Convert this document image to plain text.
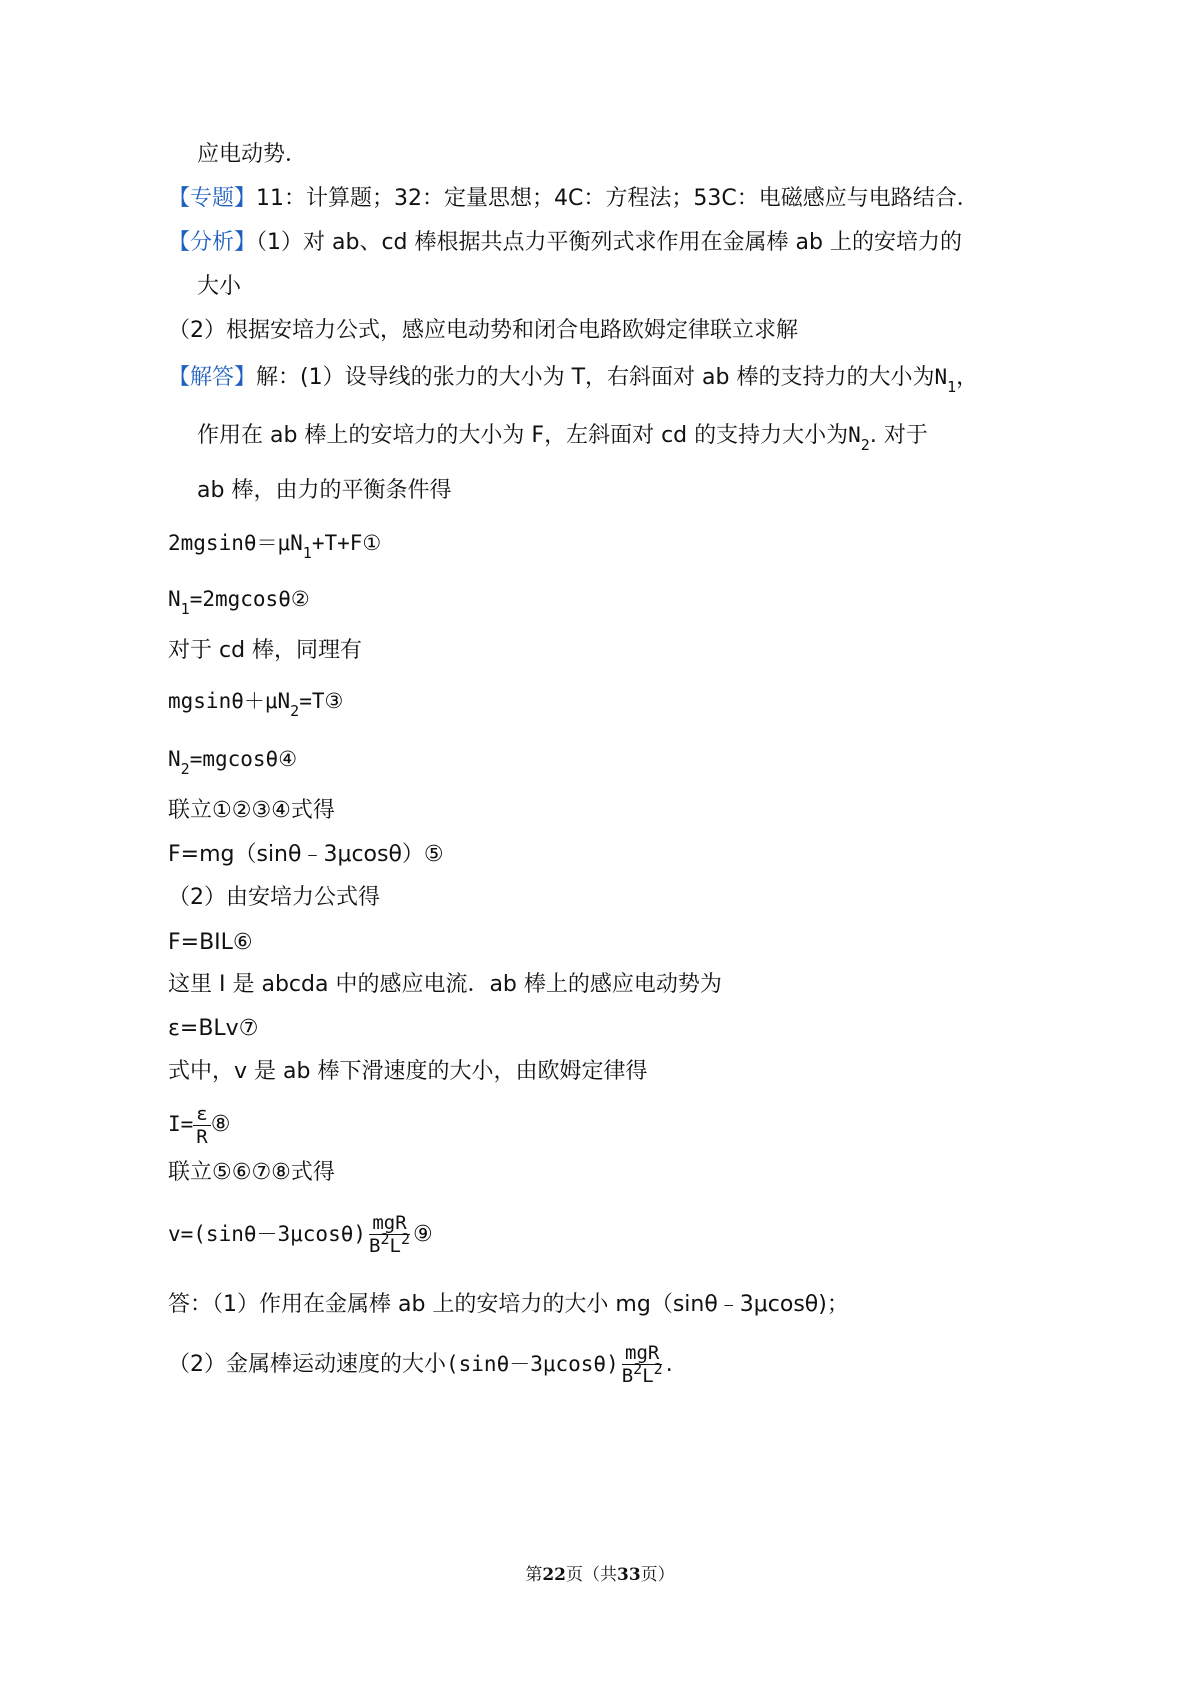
应电动势．
【专题】11：计算题；32：定量思想；4C：方程法；53C：电磁感应与电路结合．
【分析】（1）对 ab、cd 棒根据共点力平衡列式求作用在金属棒 ab 上的安培力的
大小
（2）根据安培力公式，感应电动势和闭合电路欧姆定律联立求解
【解答】解：(1）设导线的张力的大小为 T，右斜面对 ab 棒的支持力的大小为$N_1$，
作用在 ab 棒上的安培力的大小为 F，左斜面对 cd 的支持力大小为$N_2$. 对于
ab 棒，由力的平衡条件得
$2mgsin\theta=\mu N_1+T+F①$
$N_1=2mgcos\theta ②$
对于 cd 棒，同理有
$mgsin\theta+\mu N_2=T③$
$N_2=mgcos\theta ④$
联立①②③④式得
F=mg（sinθ﹣3μcosθ）⑤
（2）由安培力公式得
F=BIL⑥
这里 I 是 abcda 中的感应电流．ab 棒上的感应电动势为
ε=BLv⑦
式中，v 是 ab 棒下滑速度的大小，由欧姆定律得
$I= \frac{\varepsilon}{R}$ ⑧
联立⑤⑥⑦⑧式得
$v=(\sin\theta-3\mu\cos\theta) \frac{\text{mgR}}{B^2L^2}$ ⑨
答：（1）作用在金属棒 ab 上的安培力的大小 mg（sinθ﹣3μcosθ)；
（2）金属棒运动速度的大小$(\sin\theta-3\mu\cos\theta) \frac{\text{mgR}}{B^2L^2}$ .
第22页（共33页）
